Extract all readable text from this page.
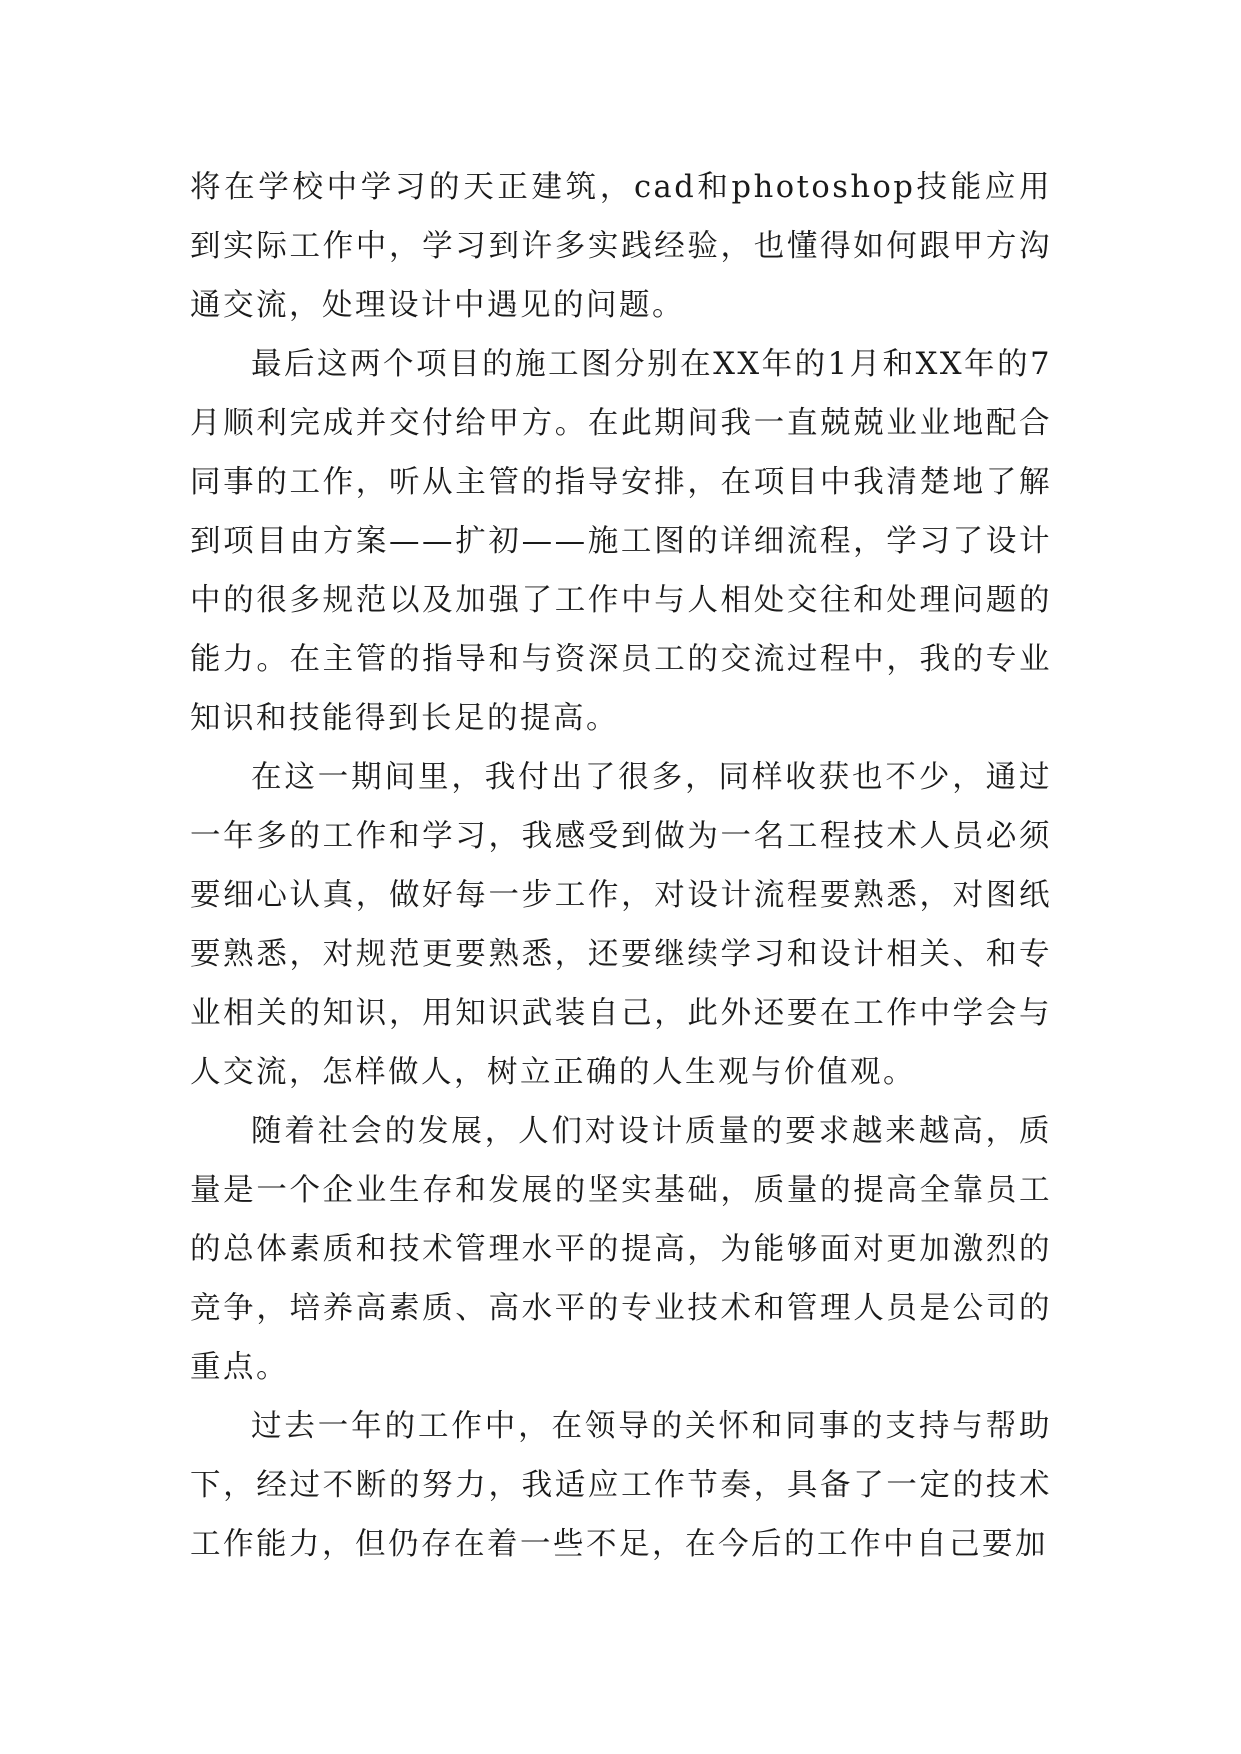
将在学校中学习的天正建筑，cad和photoshop技能应用到实际工作中，学习到许多实践经验，也懂得如何跟甲方沟通交流，处理设计中遇见的问题。

最后这两个项目的施工图分别在XX年的1月和XX年的7月顺利完成并交付给甲方。在此期间我一直兢兢业业地配合同事的工作，听从主管的指导安排，在项目中我清楚地了解到项目由方案——扩初——施工图的详细流程，学习了设计中的很多规范以及加强了工作中与人相处交往和处理问题的能力。在主管的指导和与资深员工的交流过程中，我的专业知识和技能得到长足的提高。

在这一期间里，我付出了很多，同样收获也不少，通过一年多的工作和学习，我感受到做为一名工程技术人员必须要细心认真，做好每一步工作，对设计流程要熟悉，对图纸要熟悉，对规范更要熟悉，还要继续学习和设计相关、和专业相关的知识，用知识武装自己，此外还要在工作中学会与人交流，怎样做人，树立正确的人生观与价值观。

随着社会的发展，人们对设计质量的要求越来越高，质量是一个企业生存和发展的坚实基础，质量的提高全靠员工的总体素质和技术管理水平的提高，为能够面对更加激烈的竞争，培养高素质、高水平的专业技术和管理人员是公司的重点。

过去一年的工作中，在领导的关怀和同事的支持与帮助下，经过不断的努力，我适应工作节奏，具备了一定的技术工作能力，但仍存在着一些不足，在今后的工作中自己要加
